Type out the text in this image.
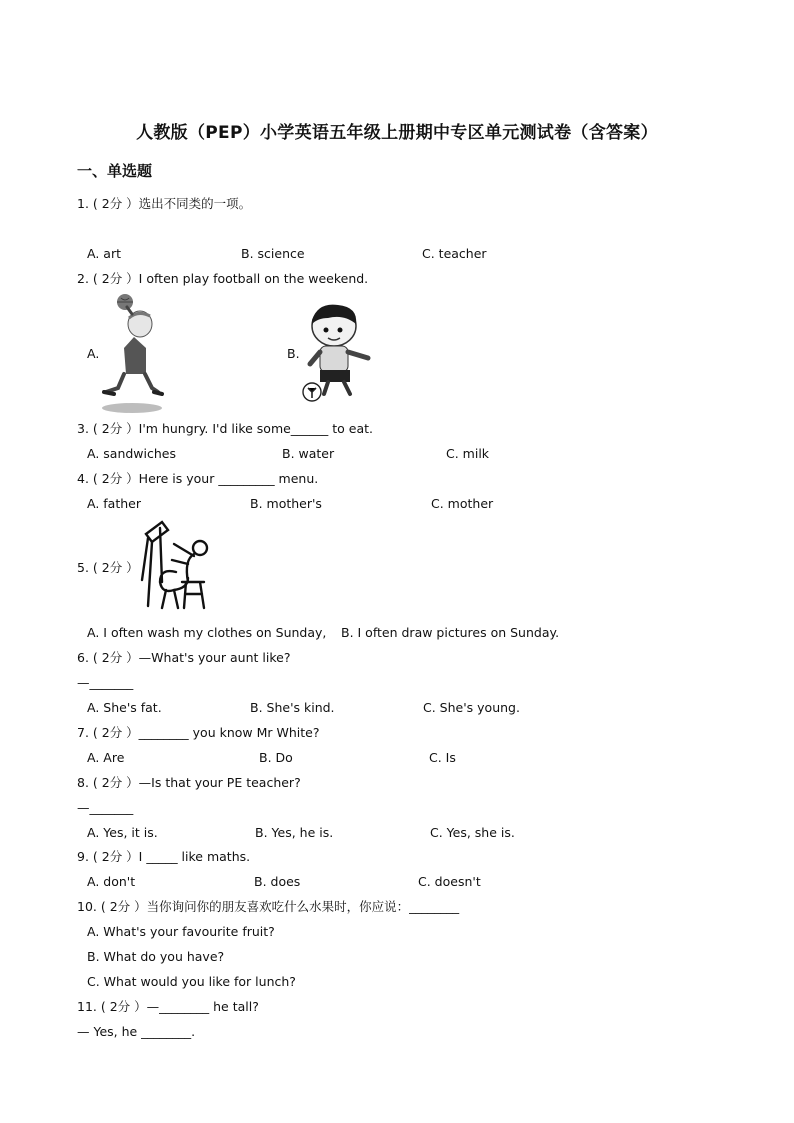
人教版（PEP）小学英语五年级上册期中专区单元测试卷（含答案）
一、单选题
1. ( 2分 ）选出不同类的一项。
A. art	B. science	C. teacher
2. ( 2分 ）I often play football on the weekend.
A.	B.
3. ( 2分 ）I'm hungry. I'd like some______ to eat.
A. sandwiches	B. water	C. milk
4. ( 2分 ）Here is your _________ menu.
A. father	B. mother's	C. mother
5. ( 2分 ）
A. I often wash my clothes on Sunday, B. I often draw pictures on Sunday.
6. ( 2分 ）—What's your aunt like?
—_______
A. She's fat.	B. She's kind.	C. She's young.
7. ( 2分 ）________ you know Mr White?
A. Are	B. Do	C. Is
8. ( 2分 ）—Is that your PE teacher?
—_______
A. Yes, it is.	B. Yes, he is.	C. Yes, she is.
9. ( 2分 ）I _____ like maths.
A. don't	B. does	C. doesn't
10. ( 2分 ）当你询问你的朋友喜欢吃什么水果时，你应说：________
A. What's your favourite fruit?
B. What do you have?
C. What would you like for lunch?
11. ( 2分 ）—________ he tall?
— Yes, he ________.
